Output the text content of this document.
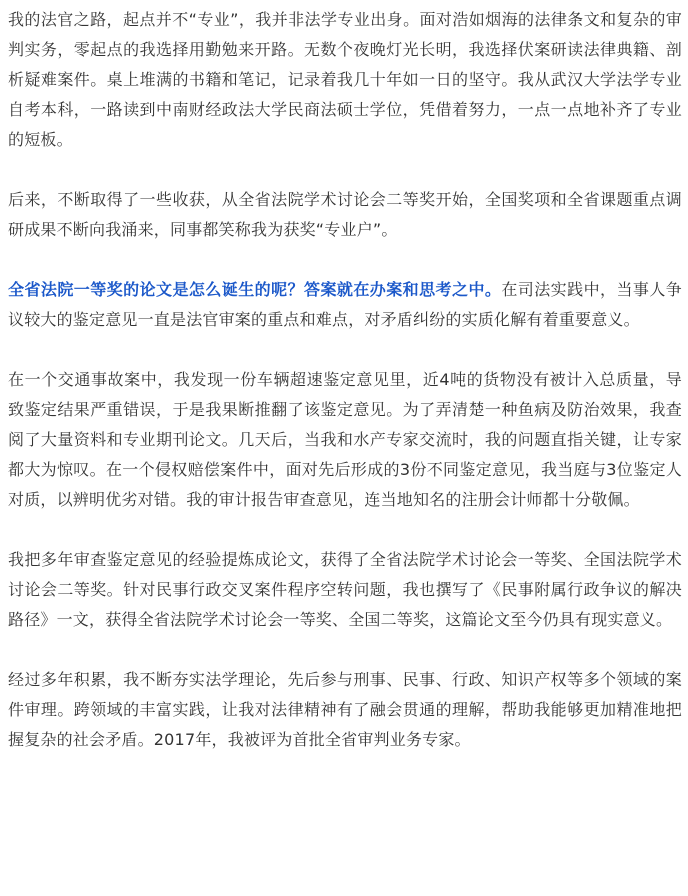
我的法官之路，起点并不“专业”，我并非法学专业出身。面对浩如烟海的法律条文和复杂的审判实务，零起点的我选择用勤勉来开路。无数个夜晚灯光长明，我选择伏案研读法律典籍、剖析疑难案件。桌上堆满的书籍和笔记，记录着我几十年如一日的坚守。我从武汉大学法学专业自考本科，一路读到中南财经政法大学民商法硕士学位，凭借着努力，一点一点地补齐了专业的短板。

后来，不断取得了一些收获，从全省法院学术讨论会二等奖开始，全国奖项和全省课题重点调研成果不断向我涌来，同事都笑称我为获奖“专业户”。

全省法院一等奖的论文是怎么诞生的呢？答案就在办案和思考之中。在司法实践中，当事人争议较大的鉴定意见一直是法官审案的重点和难点，对矛盾纠纷的实质化解有着重要意义。

在一个交通事故案中，我发现一份车辆超速鉴定意见里，近4吨的货物没有被计入总质量，导致鉴定结果严重错误，于是我果断推翻了该鉴定意见。为了弄清楚一种鱼病及防治效果，我查阅了大量资料和专业期刊论文。几天后，当我和水产专家交流时，我的问题直指关键，让专家都大为惊叹。在一个侵权赔偿案件中，面对先后形成的3份不同鉴定意见，我当庭与3位鉴定人对质，以辨明优劣对错。我的审计报告审查意见，连当地知名的注册会计师都十分敬佩。

我把多年审查鉴定意见的经验提炼成论文，获得了全省法院学术讨论会一等奖、全国法院学术讨论会二等奖。针对民事行政交叉案件程序空转问题，我也撰写了《民事附属行政争议的解决路径》一文，获得全省法院学术讨论会一等奖、全国二等奖，这篇论文至今仍具有现实意义。

经过多年积累，我不断夯实法学理论，先后参与刑事、民事、行政、知识产权等多个领域的案件审理。跨领域的丰富实践，让我对法律精神有了融会贯通的理解，帮助我能够更加精准地把握复杂的社会矛盾。2017年，我被评为首批全省审判业务专家。
